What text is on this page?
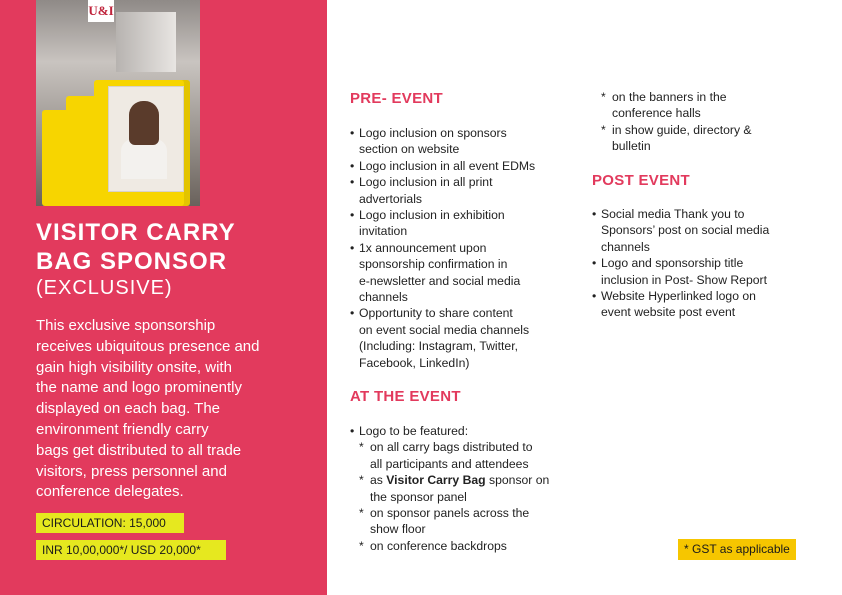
U&I
VISITOR CARRY
BAG SPONSOR
(EXCLUSIVE)
This exclusive sponsorship
receives ubiquitous presence and
gain high visibility onsite, with
the name and logo prominently
displayed on each bag. The
environment friendly carry
bags get distributed to all trade
visitors, press personnel and
conference delegates.
CIRCULATION: 15,000
INR 10,00,000*/ USD 20,000*
PRE- EVENT
• Logo inclusion on sponsors
section on website
• Logo inclusion in all event EDMs
• Logo inclusion in all print
advertorials
• Logo inclusion in exhibition
invitation
• 1x announcement upon
sponsorship confirmation in
e-newsletter and social media
channels
• Opportunity to share content
on event social media channels
(Including: Instagram, Twitter,
Facebook, LinkedIn)
AT THE EVENT
• Logo to be featured:
* on all carry bags distributed to
all participants and attendees
* as Visitor Carry Bag sponsor on
the sponsor panel
* on sponsor panels across the
show floor
* on conference backdrops
* on the banners in the
conference halls
* in show guide, directory &
bulletin
POST EVENT
• Social media Thank you to
Sponsors’ post on social media
channels
• Logo and sponsorship title
inclusion in Post- Show Report
• Website Hyperlinked logo on
event website post event
* GST as applicable
